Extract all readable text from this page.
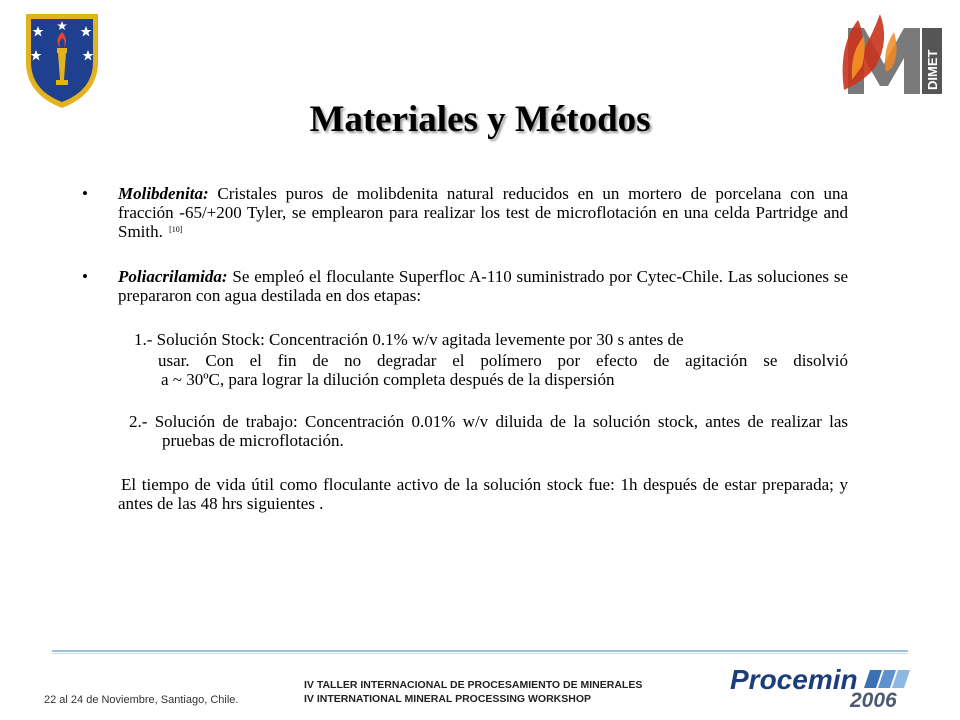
DIMET
Materiales y Métodos
• Molibdenita: Cristales puros de molibdenita natural reducidos en un mortero de porcelana con una fracción -65/+200 Tyler, se emplearon para realizar los test de microflotación en una celda Partridge and Smith. [10]
• Poliacrilamida: Se empleó el floculante Superfloc A-110 suministrado por Cytec-Chile. Las soluciones se prepararon con agua destilada en dos etapas:
1.- Solución Stock: Concentración 0.1% w/v agitada levemente por 30 s antes de
usar. Con el fin de no degradar el polímero por efecto de agitación se disolvió
a ~ 30ºC, para lograr la dilución completa después de la dispersión
2.- Solución de trabajo: Concentración 0.01% w/v diluida de la solución stock, antes de realizar las pruebas de microflotación.
El tiempo de vida útil como floculante activo de la solución stock fue: 1h después de estar preparada; y antes de las 48 hrs siguientes .
22 al 24 de Noviembre, Santiago, Chile.
IV TALLER INTERNACIONAL DE PROCESAMIENTO DE MINERALES
IV INTERNATIONAL MINERAL PROCESSING WORKSHOP
Procemin
2006
